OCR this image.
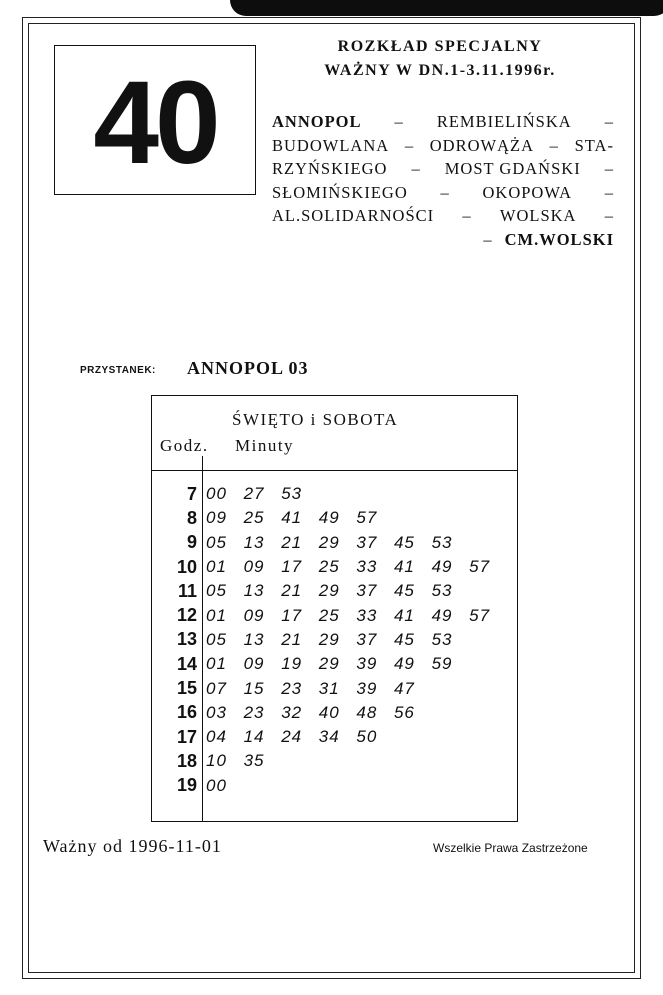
40
ROZKŁAD SPECJALNY
WAŻNY W DN.1-3.11.1996r.
ANNOPOL – REMBIELIŃSKA –
BUDOWLANA – ODROWĄŻA – STA-
RZYŃSKIEGO – MOST GDAŃSKI –
SŁOMIŃSKIEGO – OKOPOWA –
AL.SOLIDARNOŚCI – WOLSKA –
– CM.WOLSKI
PRZYSTANEK: ANNOPOL 03
ŚWIĘTO i SOBOTA
Godz. Minuty
7 00 27 53
8 09 25 41 49 57
9 05 13 21 29 37 45 53
10 01 09 17 25 33 41 49 57
11 05 13 21 29 37 45 53
12 01 09 17 25 33 41 49 57
13 05 13 21 29 37 45 53
14 01 09 19 29 39 49 59
15 07 15 23 31 39 47
16 03 23 32 40 48 56
17 04 14 24 34 50
18 10 35
19 00
Ważny od 1996-11-01	Wszelkie Prawa Zastrzeżone
